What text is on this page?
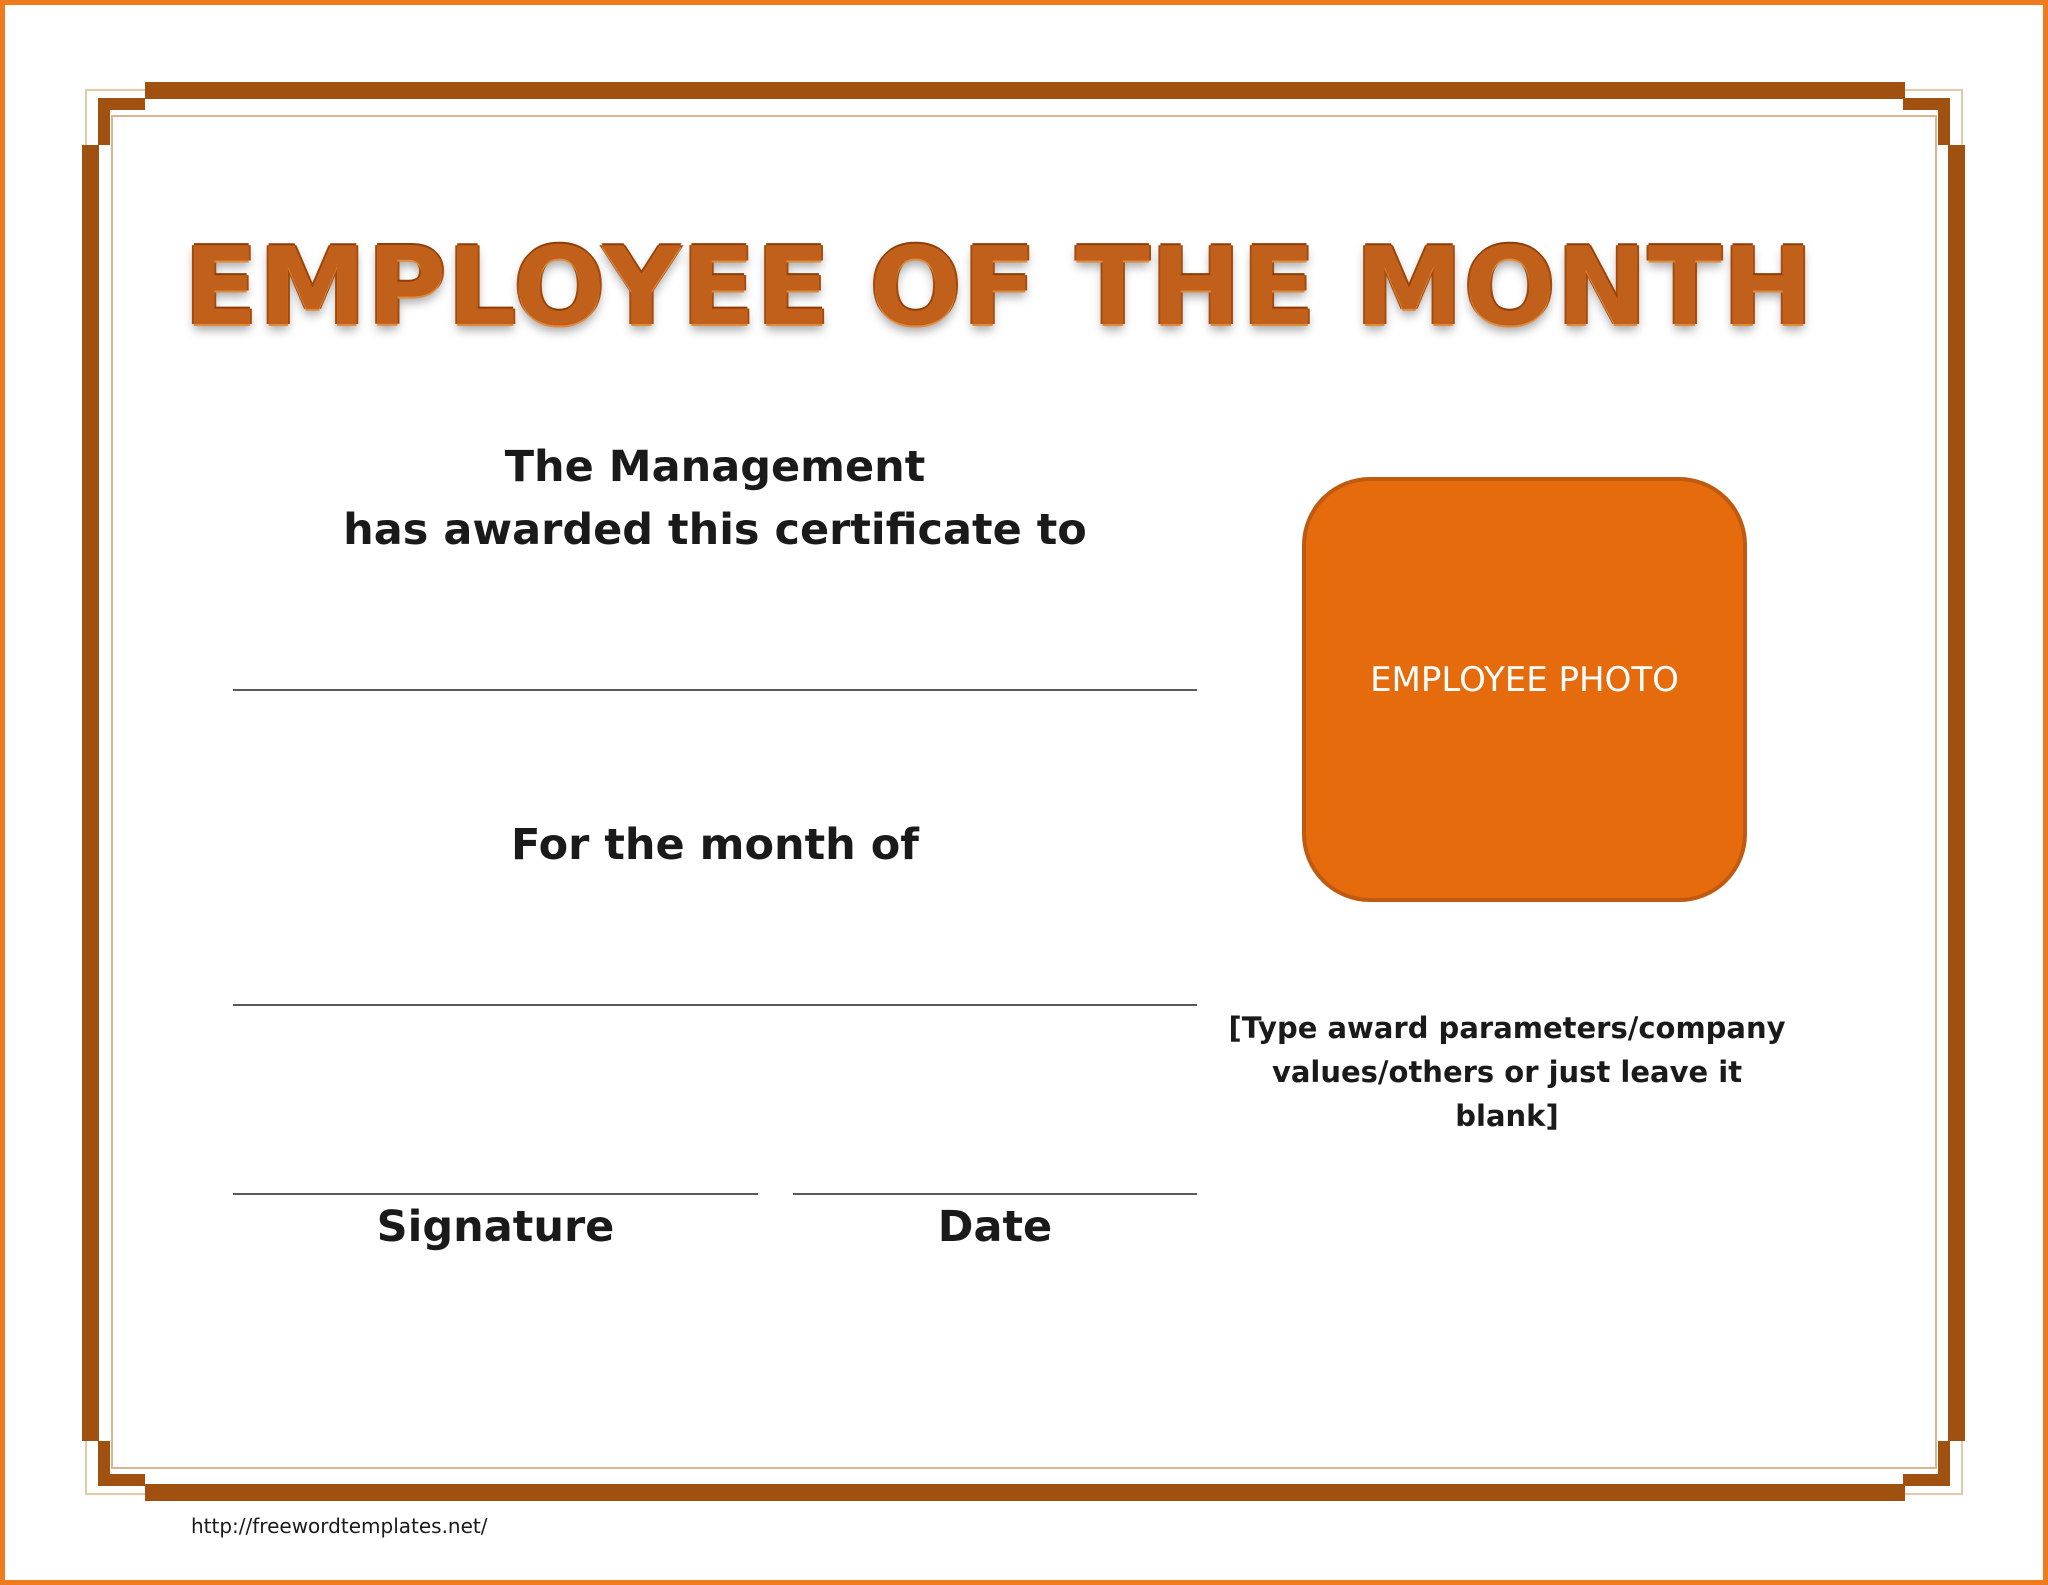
EMPLOYEE OF THE MONTH
The Management
has awarded this certificate to
For the month of
Signature	Date
EMPLOYEE PHOTO
[Type award parameters/company
values/others or just leave it blank]
http://freewordtemplates.net/
